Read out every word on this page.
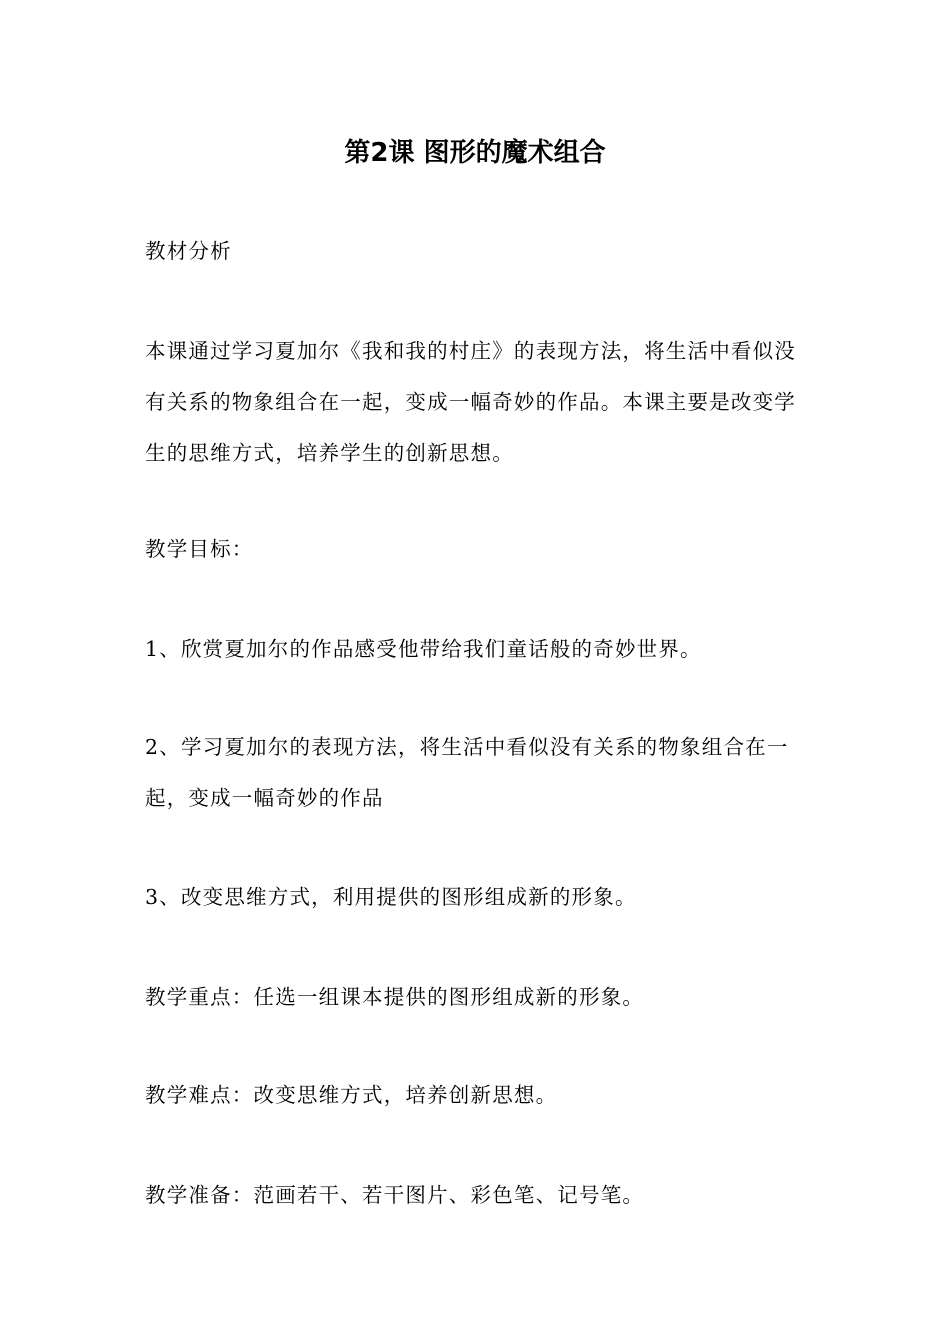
第2课 图形的魔术组合

教材分析

本课通过学习夏加尔《我和我的村庄》的表现方法，将生活中看似没有关系的物象组合在一起，变成一幅奇妙的作品。本课主要是改变学生的思维方式，培养学生的创新思想。

教学目标：

1、欣赏夏加尔的作品感受他带给我们童话般的奇妙世界。

2、学习夏加尔的表现方法，将生活中看似没有关系的物象组合在一起，变成一幅奇妙的作品

3、改变思维方式，利用提供的图形组成新的形象。

教学重点：任选一组课本提供的图形组成新的形象。

教学难点：改变思维方式，培养创新思想。

教学准备：范画若干、若干图片、彩色笔、记号笔。
